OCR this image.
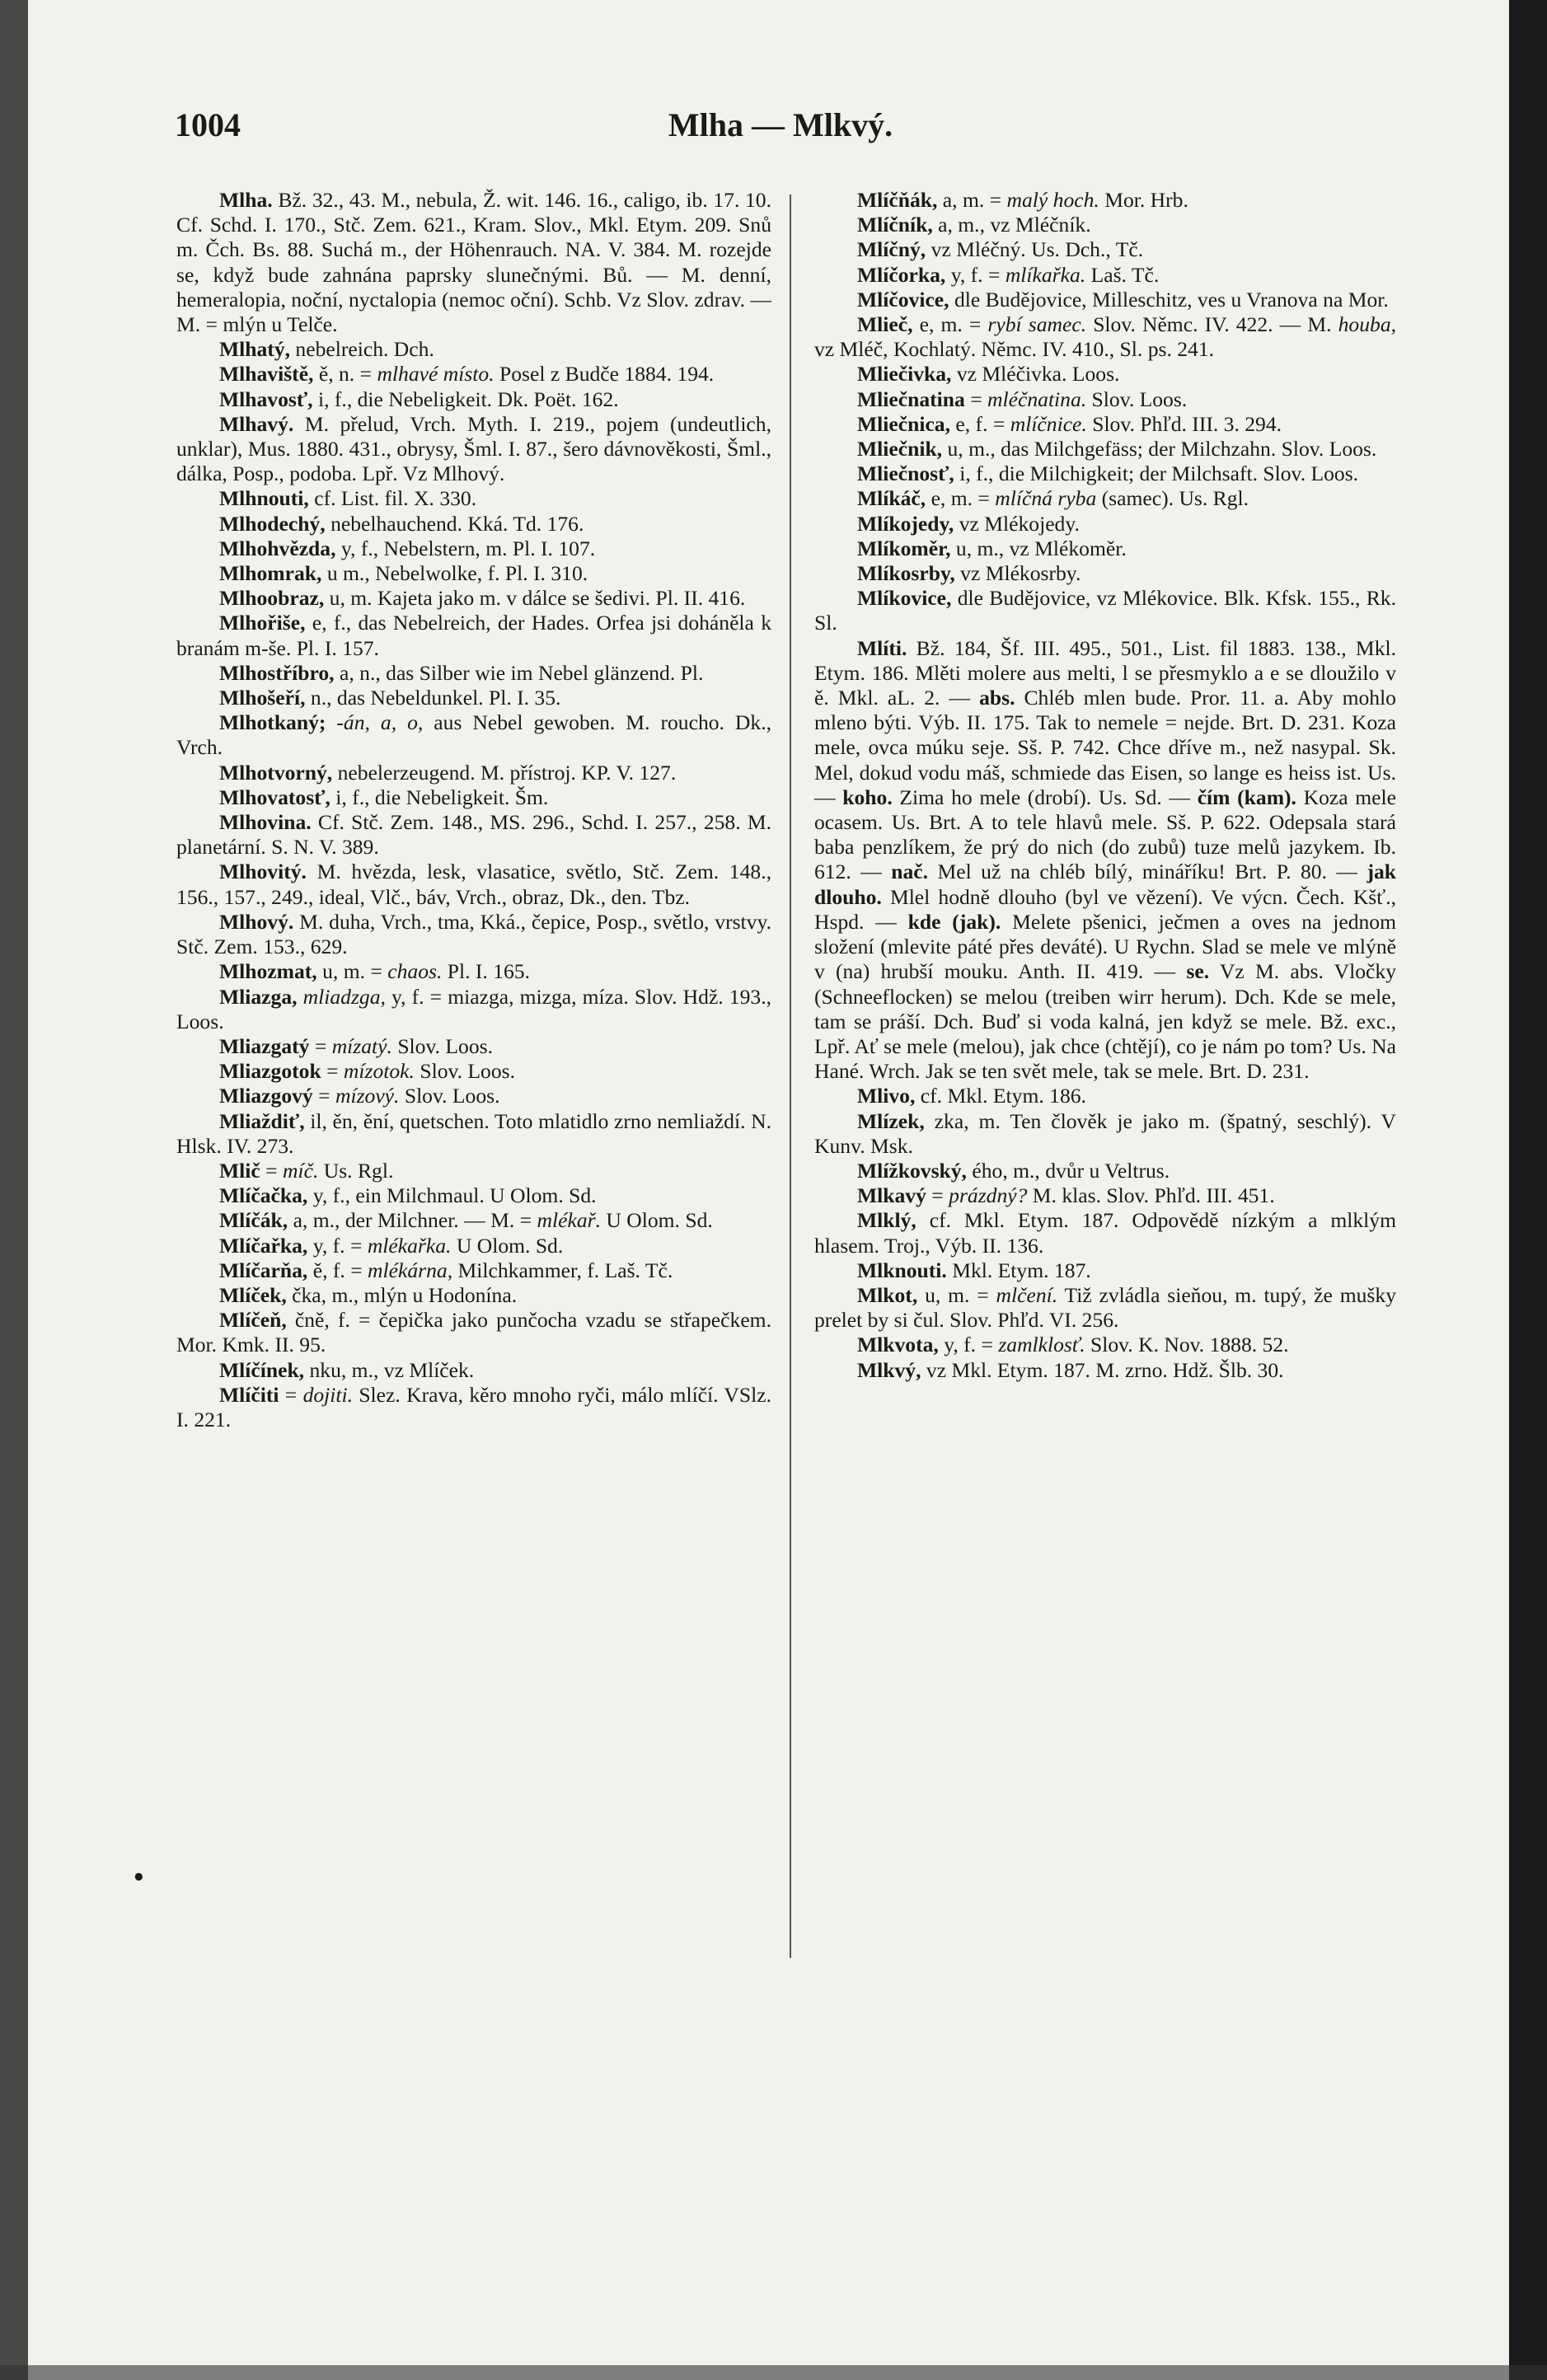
1004	Mlha — Mlkvý.
•

Mlha. Bž. 32., 43. M., nebula, Ž. wit. 146. 16., caligo, ib. 17. 10. Cf. Schd. I. 170., Stč. Zem. 621., Kram. Slov., Mkl. Etym. 209. Snů m. Čch. Bs. 88. Suchá m., der Höhenrauch. NA. V. 384. M. rozejde se, když bude zahnána paprsky slunečnými. Bů. — M. denní, hemeralopia, noční, nyctalopia (nemoc oční). Schb. Vz Slov. zdrav. — M. = mlýn u Telče.

Mlhatý, nebelreich. Dch.

Mlhaviště, ě, n. = mlhavé místo. Posel z Budče 1884. 194.

Mlhavosť, i, f., die Nebeligkeit. Dk. Poët. 162.

Mlhavý. M. přelud, Vrch. Myth. I. 219., pojem (undeutlich, unklar), Mus. 1880. 431., obrysy, Šml. I. 87., šero dávnověkosti, Šml., dálka, Posp., podoba. Lpř. Vz Mlhový.

Mlhnouti, cf. List. fil. X. 330.

Mlhodechý, nebelhauchend. Kká. Td. 176.

Mlhohvězda, y, f., Nebelstern, m. Pl. I. 107.

Mlhomrak, u m., Nebelwolke, f. Pl. I. 310.

Mlhoobraz, u, m. Kajeta jako m. v dálce se šedivi. Pl. II. 416.

Mlhořiše, e, f., das Nebelreich, der Hades. Orfea jsi doháněla k branám m-še. Pl. I. 157.

Mlhostříbro, a, n., das Silber wie im Nebel glänzend. Pl.

Mlhošeří, n., das Nebeldunkel. Pl. I. 35.

Mlhotkaný; -án, a, o, aus Nebel gewoben. M. roucho. Dk., Vrch.

Mlhotvorný, nebelerzeugend. M. přístroj. KP. V. 127.

Mlhovatosť, i, f., die Nebeligkeit. Šm.

Mlhovina. Cf. Stč. Zem. 148., MS. 296., Schd. I. 257., 258. M. planetární. S. N. V. 389.

Mlhovitý. M. hvězda, lesk, vlasatice, světlo, Stč. Zem. 148., 156., 157., 249., ideal, Vlč., báv, Vrch., obraz, Dk., den. Tbz.

Mlhový. M. duha, Vrch., tma, Kká., čepice, Posp., světlo, vrstvy. Stč. Zem. 153., 629.

Mlhozmat, u, m. = chaos. Pl. I. 165.

Mliazga, mliadzga, y, f. = miazga, mizga, míza. Slov. Hdž. 193., Loos.

Mliazgatý = mízatý. Slov. Loos.

Mliazgotok = mízotok. Slov. Loos.

Mliazgový = mízový. Slov. Loos.

Mliaždiť, il, ěn, ění, quetschen. Toto mlatidlo zrno nemliaždí. N. Hlsk. IV. 273.

Mlič = míč. Us. Rgl.

Mlíčačka, y, f., ein Milchmaul. U Olom. Sd.

Mlíčák, a, m., der Milchner. — M. = mlékař. U Olom. Sd.

Mlíčařka, y, f. = mlékařka. U Olom. Sd.

Mlíčarňa, ě, f. = mlékárna, Milchkammer, f. Laš. Tč.

Mlíček, čka, m., mlýn u Hodonína.

Mlíčeň, čně, f. = čepička jako punčocha vzadu se střapečkem. Mor. Kmk. II. 95.

Mlíčínek, nku, m., vz Mlíček.

Mlíčiti = dojiti. Slez. Krava, kěro mnoho ryči, málo mlíčí. VSlz. I. 221.

Mlíčňák, a, m. = malý hoch. Mor. Hrb.

Mlíčník, a, m., vz Mléčník.

Mlíčný, vz Mléčný. Us. Dch., Tč.

Mlíčorka, y, f. = mlíkařka. Laš. Tč.

Mlíčovice, dle Budějovice, Milleschitz, ves u Vranova na Mor.

Mlieč, e, m. = rybí samec. Slov. Němc. IV. 422. — M. houba, vz Mléč, Kochlatý. Němc. IV. 410., Sl. ps. 241.

Mliečivka, vz Mléčivka. Loos.

Mliečnatina = mléčnatina. Slov. Loos.

Mliečnica, e, f. = mlíčnice. Slov. Phľd. III. 3. 294.

Mliečnik, u, m., das Milchgefäss; der Milchzahn. Slov. Loos.

Mliečnosť, i, f., die Milchigkeit; der Milchsaft. Slov. Loos.

Mlíkáč, e, m. = mlíčná ryba (samec). Us. Rgl.

Mlíkojedy, vz Mlékojedy.

Mlíkoměr, u, m., vz Mlékoměr.

Mlíkosrby, vz Mlékosrby.

Mlíkovice, dle Budějovice, vz Mlékovice. Blk. Kfsk. 155., Rk. Sl.

Mlíti. Bž. 184, Šf. III. 495., 501., List. fil 1883. 138., Mkl. Etym. 186. Mlěti molere aus melti, l se přesmyklo a e se dloužilo v ě. Mkl. aL. 2. — abs. Chléb mlen bude. Pror. 11. a. Aby mohlo mleno býti. Výb. II. 175. Tak to nemele = nejde. Brt. D. 231. Koza mele, ovca múku seje. Sš. P. 742. Chce dříve m., než nasypal. Sk. Mel, dokud vodu máš, schmiede das Eisen, so lange es heiss ist. Us. — koho. Zima ho mele (drobí). Us. Sd. — čím (kam). Koza mele ocasem. Us. Brt. A to tele hlavů mele. Sš. P. 622. Odepsala stará baba penzlíkem, že prý do nich (do zubů) tuze melů jazykem. Ib. 612. — nač. Mel už na chléb bílý, mináříku! Brt. P. 80. — jak dlouho. Mlel hodně dlouho (byl ve vězení). Ve výcn. Čech. Kšť., Hspd. — kde (jak). Melete pšenici, ječmen a oves na jednom složení (mlevite páté přes deváté). U Rychn. Slad se mele ve mlýně v (na) hrubší mouku. Anth. II. 419. — se. Vz M. abs. Vločky (Schneeflocken) se melou (treiben wirr herum). Dch. Kde se mele, tam se práší. Dch. Buď si voda kalná, jen když se mele. Bž. exc., Lpř. Ať se mele (melou), jak chce (chtějí), co je nám po tom? Us. Na Hané. Wrch. Jak se ten svět mele, tak se mele. Brt. D. 231.

Mlivo, cf. Mkl. Etym. 186.

Mlízek, zka, m. Ten člověk je jako m. (špatný, seschlý). V Kunv. Msk.

Mlížkovský, ého, m., dvůr u Veltrus.

Mlkavý = prázdný? M. klas. Slov. Phľd. III. 451.

Mlklý, cf. Mkl. Etym. 187. Odpovědě nízkým a mlklým hlasem. Troj., Výb. II. 136.

Mlknouti. Mkl. Etym. 187.

Mlkot, u, m. = mlčení. Tiž zvládla sieňou, m. tupý, že mušky prelet by si čul. Slov. Phľd. VI. 256.

Mlkvota, y, f. = zamlklosť. Slov. K. Nov. 1888. 52.

Mlkvý, vz Mkl. Etym. 187. M. zrno. Hdž. Šlb. 30.
